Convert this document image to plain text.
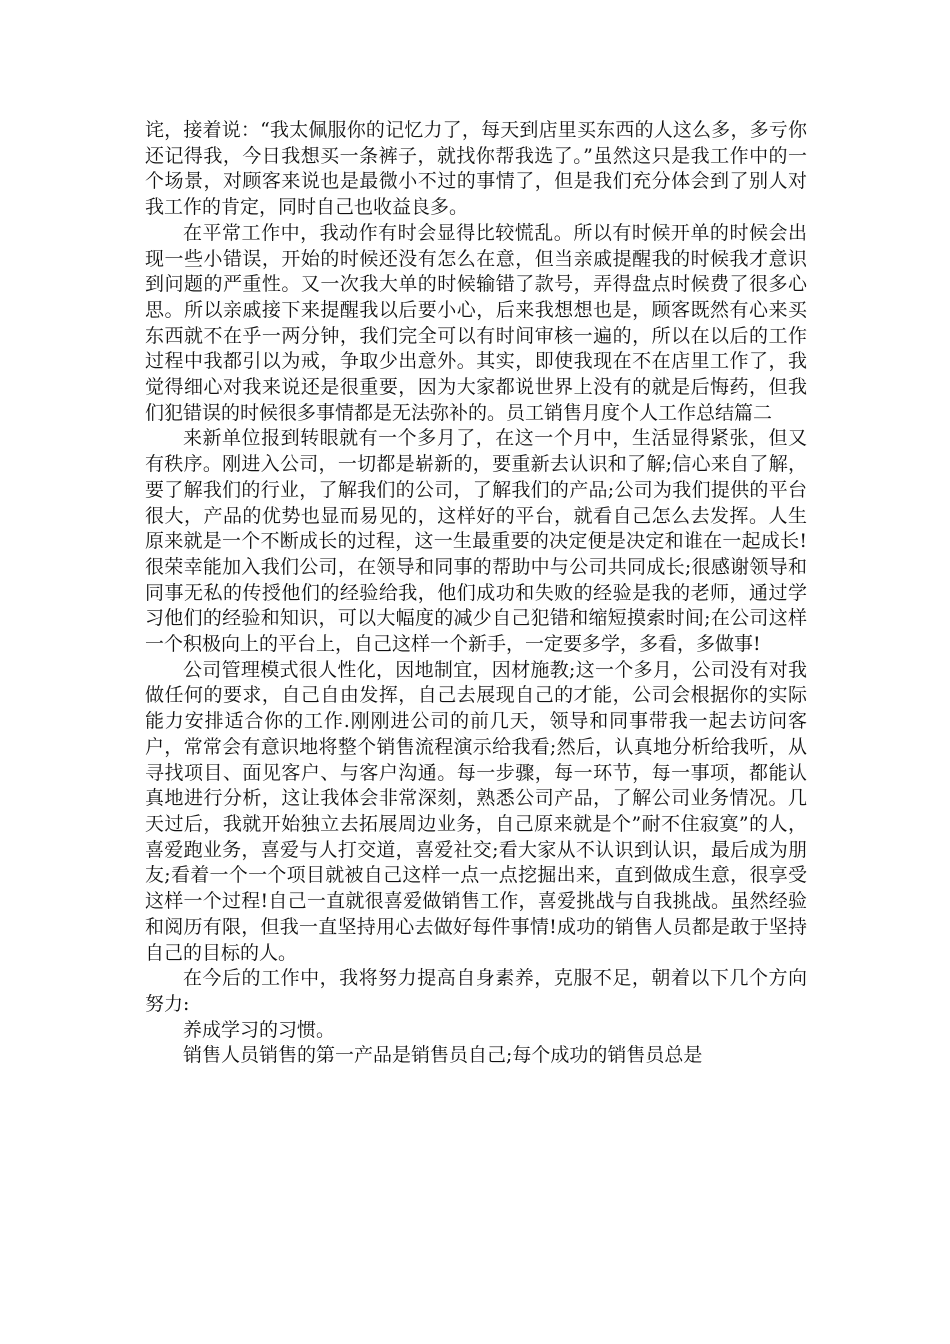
诧，接着说：“我太佩服你的记忆力了，每天到店里买东西的人这么多，多亏你还记得我，今日我想买一条裤子，就找你帮我选了。”虽然这只是我工作中的一个场景，对顾客来说也是最微小不过的事情了，但是我们充分体会到了别人对我工作的肯定，同时自己也收益良多。

在平常工作中，我动作有时会显得比较慌乱。所以有时候开单的时候会出现一些小错误，开始的时候还没有怎么在意，但当亲戚提醒我的时候我才意识到问题的严重性。又一次我大单的时候输错了款号，弄得盘点时候费了很多心思。所以亲戚接下来提醒我以后要小心，后来我想想也是，顾客既然有心来买东西就不在乎一两分钟，我们完全可以有时间审核一遍的，所以在以后的工作过程中我都引以为戒，争取少出意外。其实，即使我现在不在店里工作了，我觉得细心对我来说还是很重要，因为大家都说世界上没有的就是后悔药，但我们犯错误的时候很多事情都是无法弥补的。员工销售月度个人工作总结篇二

来新单位报到转眼就有一个多月了，在这一个月中，生活显得紧张，但又有秩序。刚进入公司，一切都是崭新的，要重新去认识和了解;信心来自了解，要了解我们的行业，了解我们的公司，了解我们的产品;公司为我们提供的平台很大，产品的优势也显而易见的，这样好的平台，就看自己怎么去发挥。人生原来就是一个不断成长的过程，这一生最重要的决定便是决定和谁在一起成长!很荣幸能加入我们公司，在领导和同事的帮助中与公司共同成长;很感谢领导和同事无私的传授他们的经验给我，他们成功和失败的经验是我的老师，通过学习他们的经验和知识，可以大幅度的减少自己犯错和缩短摸索时间;在公司这样一个积极向上的平台上，自己这样一个新手，一定要多学，多看，多做事!

公司管理模式很人性化，因地制宜，因材施教;这一个多月，公司没有对我做任何的要求，自己自由发挥，自己去展现自己的才能，公司会根据你的实际能力安排适合你的工作.刚刚进公司的前几天，领导和同事带我一起去访问客户，常常会有意识地将整个销售流程演示给我看;然后，认真地分析给我听，从寻找项目、面见客户、与客户沟通。每一步骤，每一环节，每一事项，都能认真地进行分析，这让我体会非常深刻，熟悉公司产品，了解公司业务情况。几天过后，我就开始独立去拓展周边业务，自己原来就是个”耐不住寂寞”的人，喜爱跑业务，喜爱与人打交道，喜爱社交;看大家从不认识到认识，最后成为朋友;看着一个一个项目就被自己这样一点一点挖掘出来，直到做成生意，很享受这样一个过程!自己一直就很喜爱做销售工作，喜爱挑战与自我挑战。虽然经验和阅历有限，但我一直坚持用心去做好每件事情!成功的销售人员都是敢于坚持自己的目标的人。

在今后的工作中，我将努力提高自身素养，克服不足，朝着以下几个方向努力:

养成学习的习惯。

销售人员销售的第一产品是销售员自己;每个成功的销售员总是
